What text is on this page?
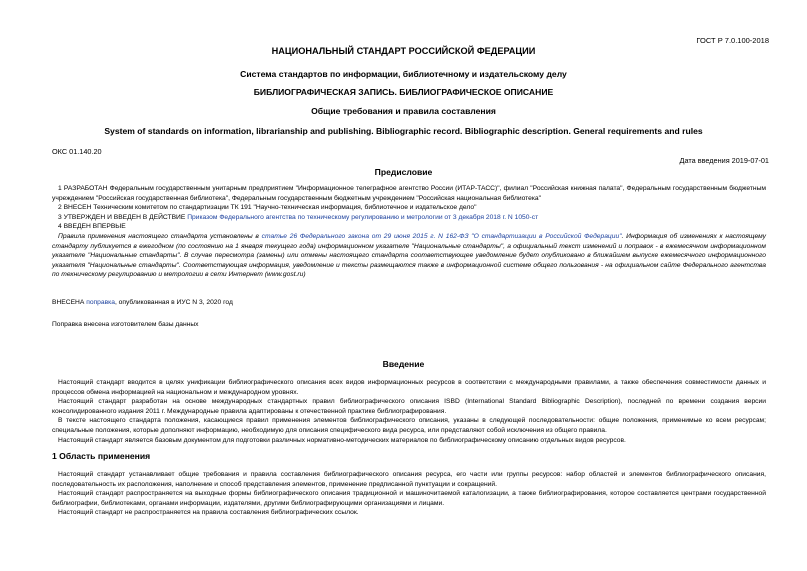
ГОСТ Р 7.0.100-2018
НАЦИОНАЛЬНЫЙ СТАНДАРТ РОССИЙСКОЙ ФЕДЕРАЦИИ
Система стандартов по информации, библиотечному и издательскому делу
БИБЛИОГРАФИЧЕСКАЯ ЗАПИСЬ. БИБЛИОГРАФИЧЕСКОЕ ОПИСАНИЕ
Общие требования и правила составления
System of standards on information, librarianship and publishing. Bibliographic record. Bibliographic description. General requirements and rules
ОКС 01.140.20
Дата введения 2019-07-01
Предисловие

1 РАЗРАБОТАН Федеральным государственным унитарным предприятием "Информационное телеграфное агентство России (ИТАР-ТАСС)", филиал "Российская книжная палата", Федеральным государственным бюджетным учреждением "Российская государственная библиотека", Федеральным государственным бюджетным учреждением "Российская национальная библиотека"

2 ВНЕСЕН Техническим комитетом по стандартизации ТК 191 "Научно-техническая информация, библиотечное и издательское дело"

3 УТВЕРЖДЕН И ВВЕДЕН В ДЕЙСТВИЕ Приказом Федерального агентства по техническому регулированию и метрологии от 3 декабря 2018 г. N 1050-ст

4 ВВЕДЕН ВПЕРВЫЕ

Правила применения настоящего стандарта установлены в статье 26 Федерального закона от 29 июня 2015 г. N 162-ФЗ "О стандартизации в Российской Федерации". Информация об изменениях к настоящему стандарту публикуется в ежегодном (по состоянию на 1 января текущего года) информационном указателе "Национальные стандарты", а официальный текст изменений и поправок - в ежемесячном информационном указателе "Национальные стандарты". В случае пересмотра (замены) или отмены настоящего стандарта соответствующее уведомление будет опубликовано в ближайшем выпуске ежемесячного информационного указателя "Национальные стандарты". Соответствующая информация, уведомление и тексты размещаются также в информационной системе общего пользования - на официальном сайте Федерального агентства по техническому регулированию и метрологии в сети Интернет (www.gost.ru)

ВНЕСЕНА поправка, опубликованная в ИУС N 3, 2020 год

Поправка внесена изготовителем базы данных

Введение

Настоящий стандарт вводится в целях унификации библиографического описания всех видов информационных ресурсов в соответствии с международными правилами, а также обеспечения совместимости данных и процессов обмена информацией на национальном и международном уровнях.

Настоящий стандарт разработан на основе международных стандартных правил библиографического описания ISBD (International Standard Bibliographic Description), последней по времени создания версии консолидированного издания 2011 г. Международные правила адаптированы к отечественной практике библиографирования.

В тексте настоящего стандарта положения, касающиеся правил применения элементов библиографического описания, указаны в следующей последовательности: общие положения, применимые ко всем ресурсам; специальные положения, которые дополняют информацию, необходимую для описания специфического вида ресурса, или представляют собой исключения из общего правила.

Настоящий стандарт является базовым документом для подготовки различных нормативно-методических материалов по библиографическому описанию отдельных видов ресурсов.

1 Область применения

Настоящий стандарт устанавливает общие требования и правила составления библиографического описания ресурса, его части или группы ресурсов: набор областей и элементов библиографического описания, последовательность их расположения, наполнение и способ представления элементов, применение предписанной пунктуации и сокращений.

Настоящий стандарт распространяется на выходные формы библиографического описания традиционной и машиночитаемой каталогизации, а также библиографирования, которое составляется центрами государственной библиографии, библиотеками, органами информации, издателями, другими библиографирующими организациями и лицами.

Настоящий стандарт не распространяется на правила составления библиографических ссылок.
